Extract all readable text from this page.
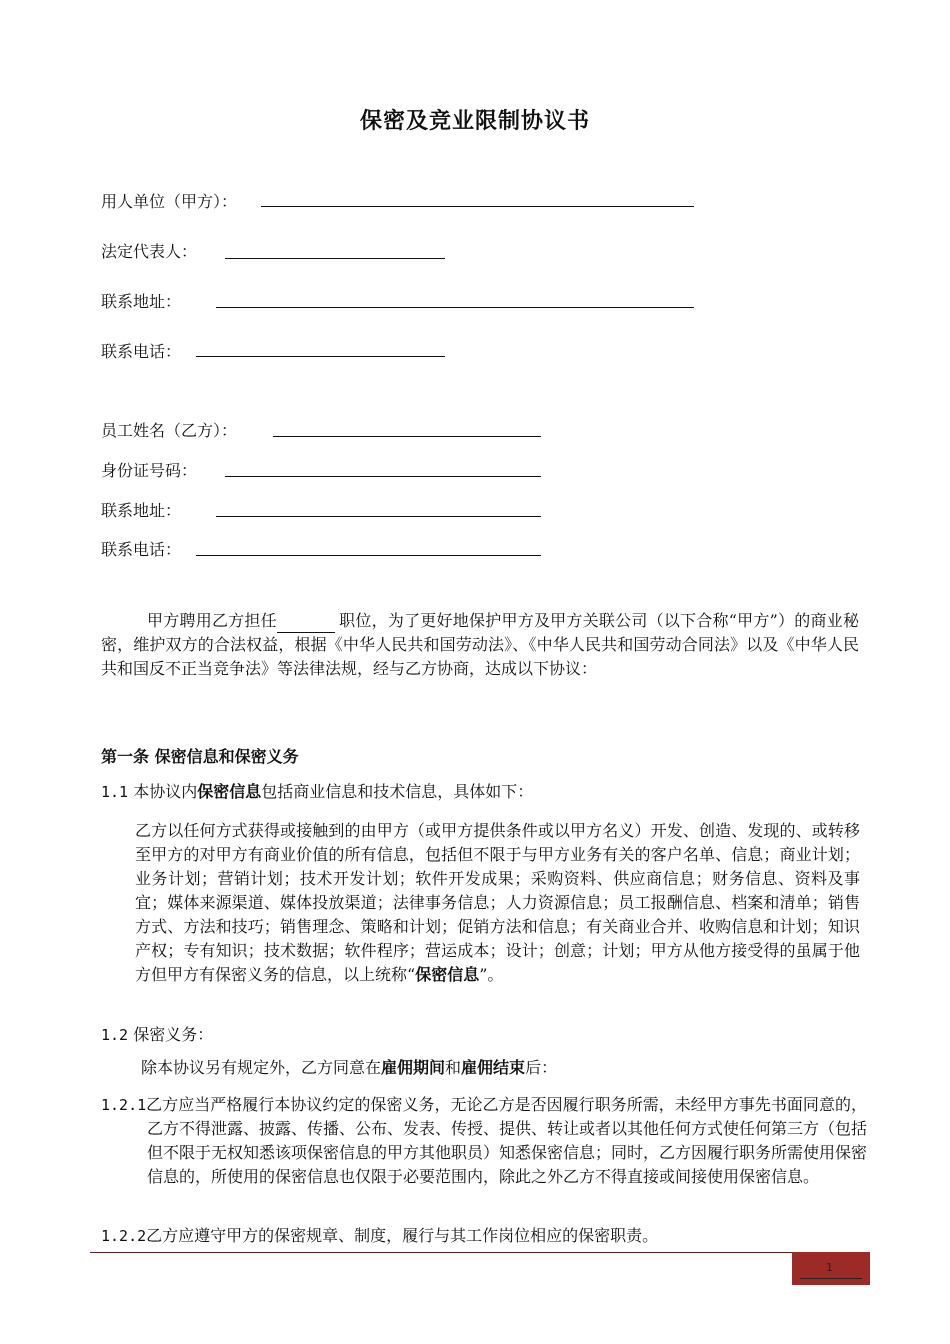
保密及竞业限制协议书
用人单位（甲方）：
法定代表人：
联系地址：
联系电话：
员工姓名（乙方）：
身份证号码：
联系地址：
联系电话：
甲方聘用乙方担任	职位，为了更好地保护甲方及甲方关联公司（以下合称“甲方”）的商业秘密，维护双方的合法权益，根据《中华人民共和国劳动法》、《中华人民共和国劳动合同法》以及《中华人民共和国反不正当竞争法》等法律法规，经与乙方协商，达成以下协议：
第一条 保密信息和保密义务
1.1 本协议内保密信息包括商业信息和技术信息，具体如下：
乙方以任何方式获得或接触到的由甲方（或甲方提供条件或以甲方名义）开发、创造、发现的、或转移至甲方的对甲方有商业价值的所有信息，包括但不限于与甲方业务有关的客户名单、信息；商业计划；业务计划；营销计划；技术开发计划；软件开发成果；采购资料、供应商信息；财务信息、资料及事宜；媒体来源渠道、媒体投放渠道；法律事务信息；人力资源信息；员工报酬信息、档案和清单；销售方式、方法和技巧；销售理念、策略和计划；促销方法和信息；有关商业合并、收购信息和计划；知识产权；专有知识；技术数据；软件程序；营运成本；设计；创意；计划；甲方从他方接受得的虽属于他方但甲方有保密义务的信息，以上统称“保密信息”。
1.2 保密义务：
除本协议另有规定外，乙方同意在雇佣期间和雇佣结束后：
1.2.1乙方应当严格履行本协议约定的保密义务，无论乙方是否因履行职务所需，未经甲方事先书面同意的，乙方不得泄露、披露、传播、公布、发表、传授、提供、转让或者以其他任何方式使任何第三方（包括但不限于无权知悉该项保密信息的甲方其他职员）知悉保密信息；同时，乙方因履行职务所需使用保密信息的，所使用的保密信息也仅限于必要范围内，除此之外乙方不得直接或间接使用保密信息。
1.2.2乙方应遵守甲方的保密规章、制度，履行与其工作岗位相应的保密职责。
1
